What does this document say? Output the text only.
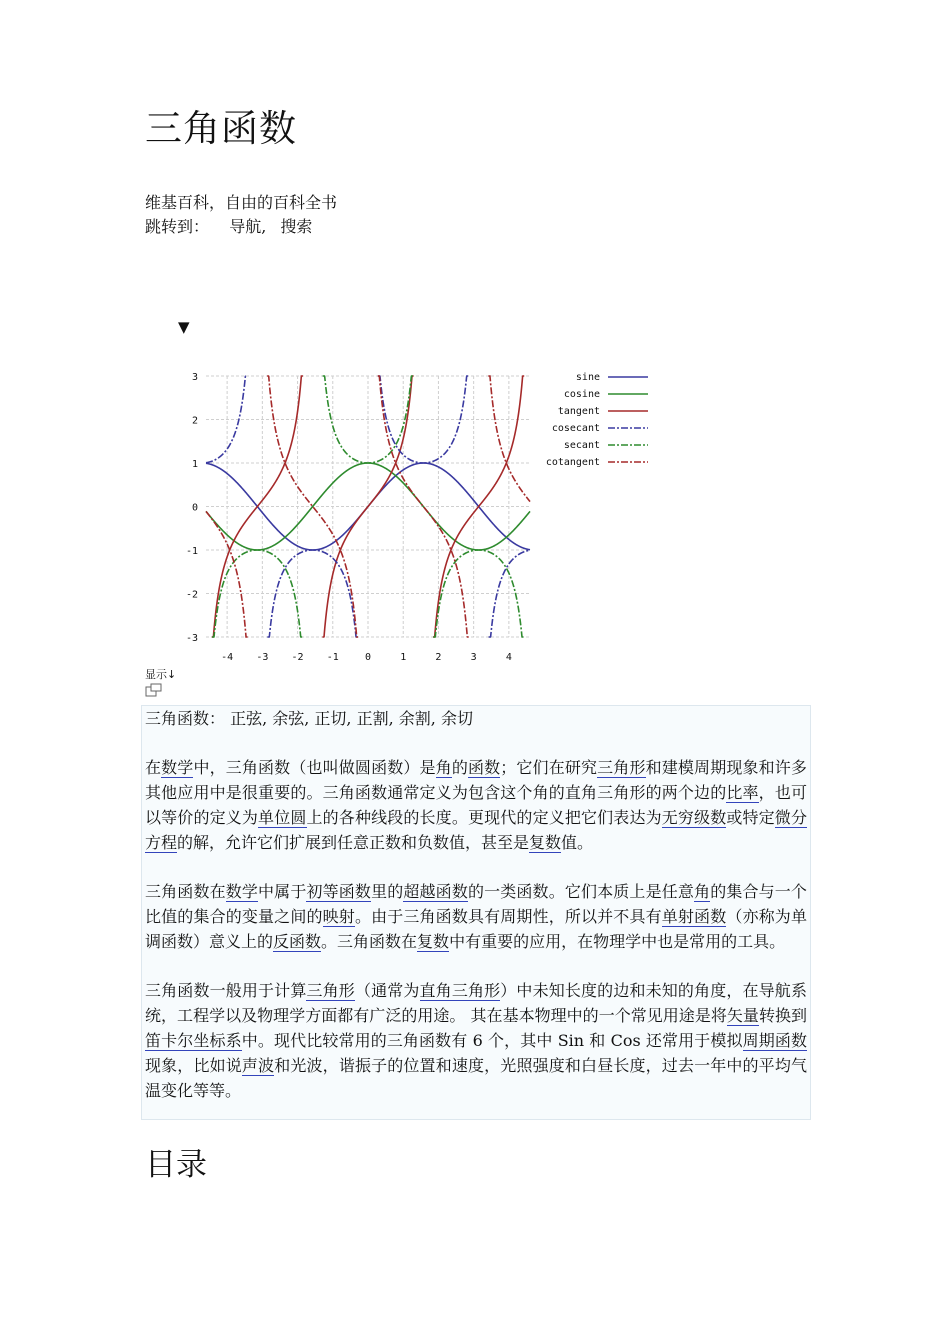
三角函数
维基百科，自由的百科全书
跳转到： 导航, 搜索
▼
-4 -3 -2 -1	0	1	2	3	4
3
2
1
0
-1
-2
-3
sine
cosine
tangent
cosecant
secant
cotangent
显示↓

三角函数： 正弦, 余弦, 正切, 正割, 余割, 余切

在数学中，三角函数（也叫做圆函数）是角的函数；它们在研究三角形和建模周期现象和许多其他应用中是很重要的。三角函数通常定义为包含这个角的直角三角形的两个边的比率，也可以等价的定义为单位圆上的各种线段的长度。更现代的定义把它们表达为无穷级数或特定微分方程的解，允许它们扩展到任意正数和负数值，甚至是复数值。

三角函数在数学中属于初等函数里的超越函数的一类函数。它们本质上是任意角的集合与一个比值的集合的变量之间的映射。由于三角函数具有周期性，所以并不具有单射函数（亦称为单调函数）意义上的反函数。三角函数在复数中有重要的应用，在物理学中也是常用的工具。

三角函数一般用于计算三角形（通常为直角三角形）中未知长度的边和未知的角度，在导航系统，工程学以及物理学方面都有广泛的用途。 其在基本物理中的一个常见用途是将矢量转换到笛卡尔坐标系中。现代比较常用的三角函数有 6 个，其中 Sin 和 Cos 还常用于模拟周期函数现象，比如说声波和光波，谐振子的位置和速度，光照强度和白昼长度，过去一年中的平均气温变化等等。

目录
